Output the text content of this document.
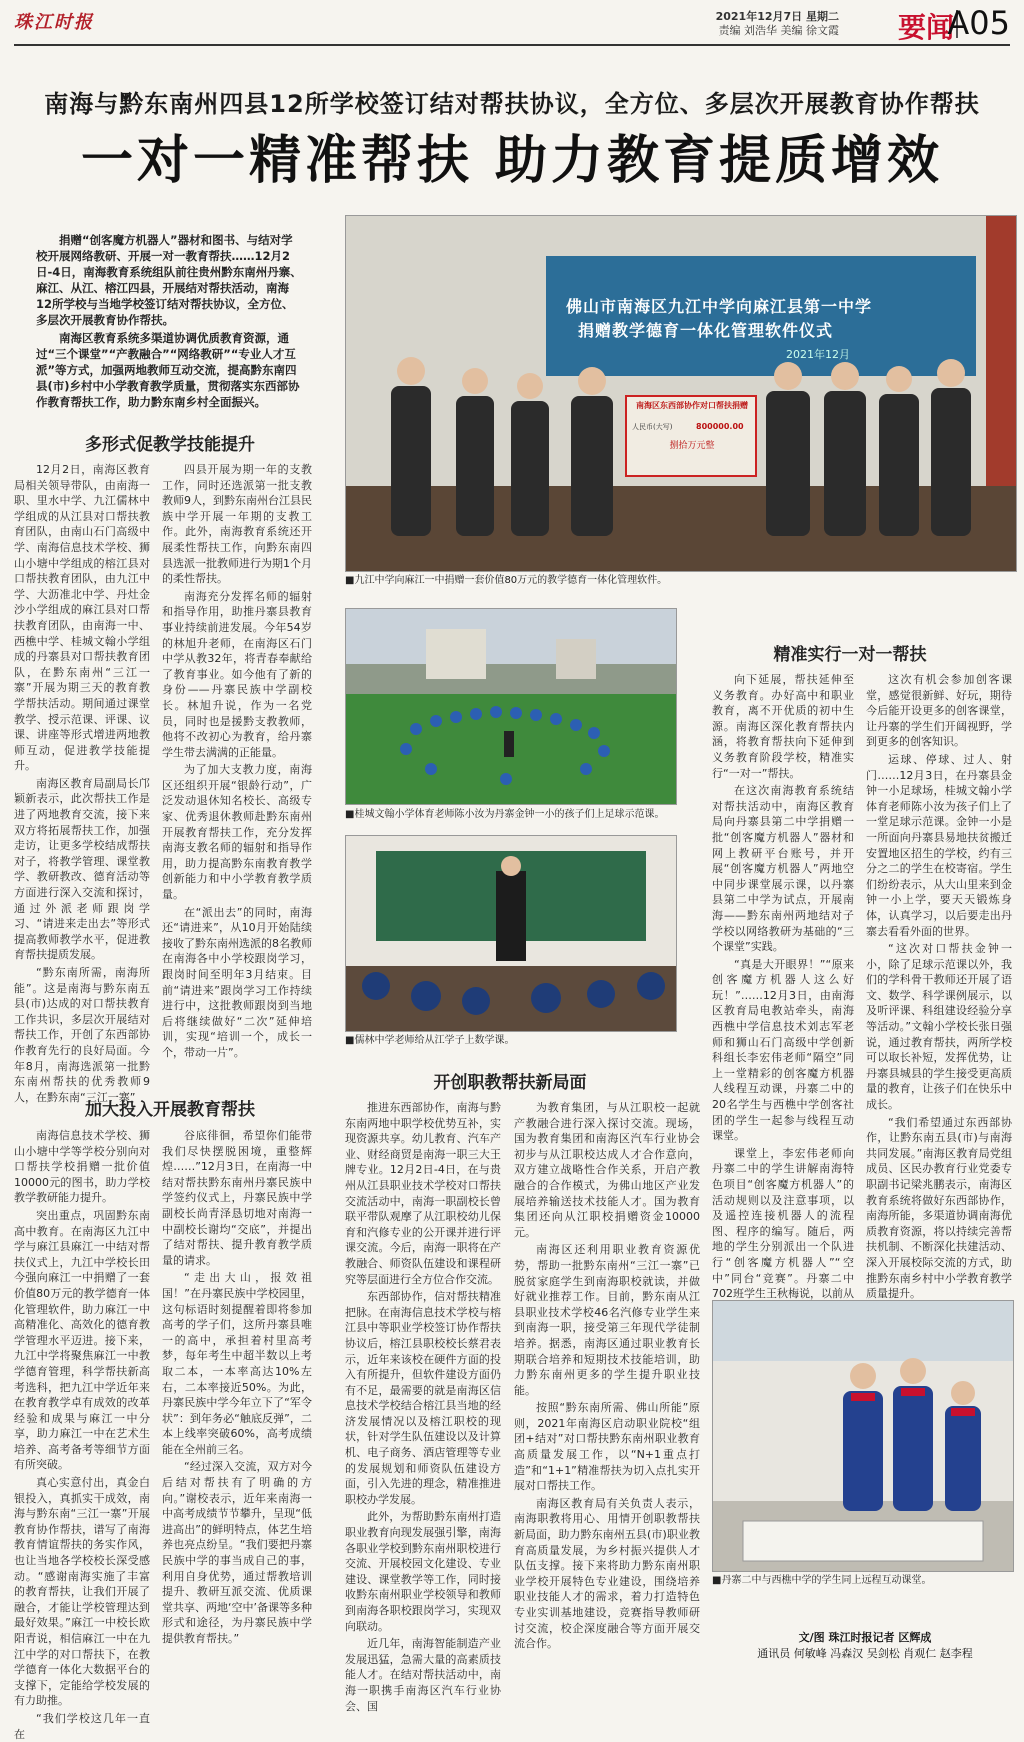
珠江时报	2021年12月7日 星期二
责编 刘浩华 美编 徐文霞 要闻
A05
南海与黔东南州四县12所学校签订结对帮扶协议，全方位、多层次开展教育协作帮扶
一对一精准帮扶 助力教育提质增效

捐赠“创客魔方机器人”器材和图书、与结对学校开展网络教研、开展一对一教育帮扶……12月2日-4日，南海教育系统组队前往贵州黔东南州丹寨、麻江、从江、榕江四县，开展结对帮扶活动，南海12所学校与当地学校签订结对帮扶协议，全方位、多层次开展教育协作帮扶。

南海区教育系统多渠道协调优质教育资源，通过“三个课堂”“产教融合”“网络教研”“专业人才互派”等方式，加强两地教师互动交流，提高黔东南四县(市)乡村中小学教育教学质量，贯彻落实东西部协作教育帮扶工作，助力黔东南乡村全面振兴。

多形式促教学技能提升

12月2日，南海区教育局相关领导带队，由南海一职、里水中学、九江儒林中学组成的从江县对口帮扶教育团队，由南山石门高级中学、南海信息技术学校、狮山小塘中学组成的榕江县对口帮扶教育团队，由九江中学、大沥准北中学、丹灶金沙小学组成的麻江县对口帮扶教育团队，由南海一中、西樵中学、桂城文翰小学组成的丹寨县对口帮扶教育团队，在黔东南州“三江一寨”开展为期三天的教育教学帮扶活动。期间通过课堂教学、授示范课、评课、议课、讲座等形式增进两地教师互动，促进教学技能提升。

南海区教育局副局长邝颖新表示，此次帮扶工作是进了两地教育交流，接下来双方将拓展帮扶工作，加强走访，让更多学校结成帮扶对子，将教学管理、课堂教学、教研教改、德育活动等方面进行深入交流和探讨，通过外派老师跟岗学习、“请进来走出去”等形式提高教师教学水平，促进教育帮扶提质发展。

“黔东南所需，南海所能”。这是南海与黔东南五县(市)达成的对口帮扶教育工作共识，多层次开展结对帮扶工作，开创了东西部协作教育先行的良好局面。今年8月，南海选派第一批黔东南州帮扶的优秀教师9人，在黔东南“三江一寨”

四县开展为期一年的支教工作，同时还选派第一批支教教师9人，到黔东南州台江县民族中学开展一年期的支教工作。此外，南海教育系统还开展柔性帮扶工作，向黔东南四县选派一批教师进行为期1个月的柔性帮扶。

南海充分发挥名师的辐射和指导作用，助推丹寨县教育事业持续前进发展。今年54岁的林旭升老师，在南海区石门中学从教32年，将青春奉献给了教育事业。如今他有了新的身份——丹寨民族中学副校长。林旭升说，作为一名党员，同时也是援黔支教教师，他将不改初心为教育，给丹寨学生带去满满的正能量。

为了加大支教力度，南海区还组织开展“银龄行动”，广泛发动退休知名校长、高级专家、优秀退休教师赴黔东南州开展教育帮扶工作，充分发挥南海支教名师的辐射和指导作用，助力提高黔东南教育教学创新能力和中小学教育教学质量。

在“派出去”的同时，南海还“请进来”，从10月开始陆续接收了黔东南州选派的8名教师在南海各中小学校跟岗学习，跟岗时间至明年3月结束。目前“请进来”跟岗学习工作持续进行中，这批教师跟岗到当地后将继续做好“二次”延伸培训，实现“培训一个，成长一个，带动一片”。

加大投入开展教育帮扶

南海信息技术学校、狮山小塘中学等学校分别向对口帮扶学校捐赠一批价值10000元的图书，助力学校教学教研能力提升。

突出重点，巩固黔东南高中教育。在南海区九江中学与麻江县麻江一中结对帮扶仪式上，九江中学校长田今强向麻江一中捐赠了一套价值80万元的教学德育一体化管理软件，助力麻江一中高精准化、高效化的德育教学管理水平迈进。接下来，九江中学将聚焦麻江一中教学德育管理，科学帮扶新高考选科，把九江中学近年来在教育教学卓有成效的改革经验和成果与麻江一中分享，助力麻江一中在艺术生培养、高考备考等细节方面有所突破。

真心实意付出，真金白银投入，真抓实干成效，南海与黔东南“三江一寨”开展教育协作帮扶，谱写了南海教育情谊帮扶的务实作风，也让当地各学校校长深受感动。“感谢南海实施了丰富的教育帮扶，让我们开展了融合，才能让学校管理达到最好效果。”麻江一中校长欧阳青说，相信麻江一中在九江中学的对口帮扶下，在教学德育一体化大数据平台的支撑下，定能给学校发展的有力助推。

“我们学校这几年一直在

谷底徘徊，希望你们能带我们尽快摆脱困境，重整辉煌……”12月3日，在南海一中结对帮扶黔东南州丹寨民族中学签约仪式上，丹寨民族中学副校长尚青泽恳切地对南海一中副校长谢均“交底”，并提出了结对帮扶、提升教育教学质量的请求。

“走出大山，报效祖国！”在丹寨民族中学校园里，这句标语时刻提醒着即将参加高考的学子们，这所丹寨县唯一的高中，承担着村里高考梦，每年考生中超半数以上考取二本，一本率高达10%左右，二本率接近50%。为此，丹寨民族中学今年立下了“军令状”：到年务必“触底反弹”，二本上线率突破60%，高考成绩能在全州前三名。

“经过深入交流，双方对今后结对帮扶有了明确的方向。”谢校表示，近年来南海一中高考成绩节节攀升，呈现“低进高出”的鲜明特点，体艺生培养也亮点纷呈。“我们要把丹寨民族中学的事当成自己的事，利用自身优势，通过帮教培训提升、教研互派交流、优质课堂共享、两地‘空中’备课等多种形式和途径，为丹寨民族中学提供教育帮扶。”

佛山市南海区九江中学向麻江县第一中学
捐赠教学德育一体化管理软件仪式
2021年12月
南海区东西部协作对口帮扶捐赠
人民币(大写)
捌拾万元整
800000.00
■九江中学向麻江一中捐赠一套价值80万元的教学德育一体化管理软件。
精准实行一对一帮扶

向下延展，帮扶延伸至义务教育。办好高中和职业教育，离不开优质的初中生源。南海区深化教育帮扶内涵，将教育帮扶向下延伸到义务教育阶段学校，精准实行“一对一”帮扶。

在这次南海教育系统结对帮扶活动中，南海区教育局向丹寨县第二中学捐赠一批“创客魔方机器人”器材和网上教研平台账号，并开展“创客魔方机器人”两地空中同步课堂展示课，以丹寨县第二中学为试点，开展南海——黔东南州两地结对子学校以网络教研为基础的“三个课堂”实践。

“真是大开眼界！”“原来创客魔方机器人这么好玩！”……12月3日，由南海区教育局电教站牵头，南海西樵中学信息技术刘志军老师和狮山石门高级中学创新科组长李宏伟老师“隔空”同上一堂精彩的创客魔方机器人线程互动课，丹寨二中的20名学生与西樵中学创客社团的学生一起参与线程互动课堂。

课堂上，李宏伟老师向丹寨二中的学生讲解南海特色项目“创客魔方机器人”的活动规则以及注意事项，以及遥控连接机器人的流程图、程序的编写。随后，两地的学生分别派出一个队进行“创客魔方机器人”“空中”同台“竞赛”。丹寨二中702班学生王秋梅说，以前从

这次有机会参加创客课堂，感觉很新鲜、好玩，期待今后能开设更多的创客课堂，让丹寨的学生们开阔视野，学到更多的创客知识。

运球、停球、过人、射门……12月3日，在丹寨县金钟一小足球场，桂城文翰小学体育老师陈小汝为孩子们上了一堂足球示范课。金钟一小是一所面向丹寨县易地扶贫搬迁安置地区招生的学校，约有三分之二的学生在校寄宿。学生们纷纷表示，从大山里来到金钟一小上学，要天天锻炼身体，认真学习，以后要走出丹寨去看看外面的世界。

“这次对口帮扶金钟一小，除了足球示范课以外，我们的学科骨干教师还开展了语文、数学、科学课例展示，以及听评课、科组建设经验分享等活动。”文翰小学校长张日强说，通过教育帮扶，两所学校可以取长补短，发挥优势，让丹寨县城县的学生接受更高质量的教育，让孩子们在快乐中成长。

“我们希望通过东西部协作，让黔东南五县(市)与南海共同发展。”南海区教育局党组成员、区民办教育行业党委专职副书记梁兆鹏表示，南海区教育系统将做好东西部协作，南海所能，多渠道协调南海优质教育资源，将以持续完善帮扶机制、不断深化扶建活动、深入开展校际交流的方式，助推黔东南乡村中小学教育教学质量提升。

■桂城文翰小学体育老师陈小汝为丹寨金钟一小的孩子们上足球示范课。
■儒林中学老师给从江学子上数学课。
开创职教帮扶新局面

推进东西部协作，南海与黔东南两地中职学校优势互补，实现资源共享。幼儿教育、汽车产业、财经商贸是南海一职三大王牌专业。12月2日-4日，在与贵州从江县职业技术学校对口帮扶交流活动中，南海一职副校长曾联平带队观摩了从江职校幼儿保育和汽修专业的公开课并进行评课交流。今后，南海一职将在产教融合、师资队伍建设和课程研究等层面进行全方位合作交流。

东西部协作，信对帮扶精准把脉。在南海信息技术学校与榕江县中等职业学校签订协作帮扶协议后，榕江县职校校长蔡君表示，近年来该校在硬件方面的投入有所提升，但软件建设方面仍有不足，最需要的就是南海区信息技术学校结合榕江县当地的经济发展情况以及榕江职校的现状，针对学生队伍建设以及计算机、电子商务、酒店管理等专业的发展规划和师资队伍建设方面，引入先进的理念，精准推进职校办学发展。

此外，为帮助黔东南州打造职业教育向现发展强引擎，南海各职业学校到黔东南州职校进行交流、开展校园文化建设、专业建设、课堂教学等工作，同时接收黔东南州职业学校领导和教师到南海各职校跟岗学习，实现双向联动。

近几年，南海智能制造产业发展迅猛，急需大量的高素质技能人才。在结对帮扶活动中，南海一职携手南海区汽车行业协会、国

为教育集团，与从江职校一起就产教融合进行深入探讨交流。现场，国为教育集团和南海区汽车行业协会初步与从江职校达成人才合作意向，双方建立战略性合作关系，开启产教融合的合作模式，为佛山地区产业发展培养输送技术技能人才。国为教育集团还向从江职校捐赠资金10000元。

南海区还利用职业教育资源优势，帮助一批黔东南州“三江一寨”已脱贫家庭学生到南海职校就读，并做好就业推荐工作。目前，黔东南从江县职业技术学校46名汽修专业学生来到南海一职，接受第三年现代学徒制培养。据悉，南海区通过职业教育长期联合培养和短期技术技能培训，助力黔东南州更多的学生提升职业技能。

按照“黔东南所需、佛山所能”原则，2021年南海区启动职业院校“组团+结对”对口帮扶黔东南州职业教育高质量发展工作，以“N+1重点打造”和“1+1”精准帮扶为切入点扎实开展对口帮扶工作。

南海区教育局有关负责人表示，南海职教将用心、用情开创职教帮扶新局面，助力黔东南州五县(市)职业教育高质量发展，为乡村振兴提供人才队伍支撑。接下来将助力黔东南州职业学校开展特色专业建设，围绕培养职业技能人才的需求，着力打造特色专业实训基地建设，竞赛指导教师研讨交流，校企深度融合等方面开展交流合作。

■丹寨二中与西樵中学的学生同上远程互动课堂。
文/图 珠江时报记者 区辉成
通讯员 何敏峰 冯森汉 吴剑松 肖观仁 赵李程
